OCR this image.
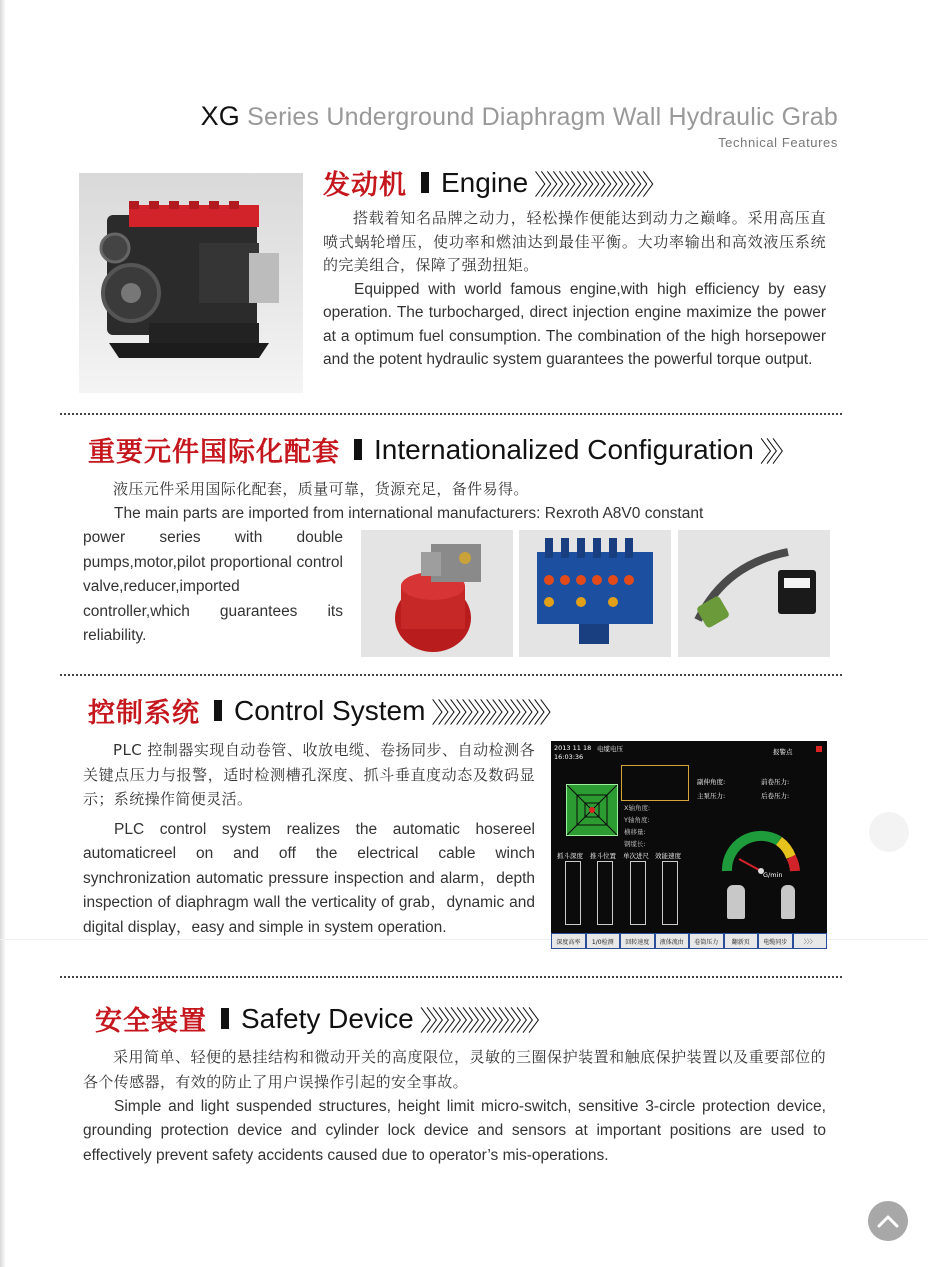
XG Series Underground Diaphragm Wall Hydraulic Grab
Technical Features
发动机 Engine 〉〉〉〉〉〉〉〉〉〉〉〉〉〉〉〉〉〉〉

搭载着知名品牌之动力，轻松操作便能达到动力之巅峰。采用高压直喷式蜗轮增压，使功率和燃油达到最佳平衡。大功率输出和高效液压系统的完美组合，保障了强劲扭矩。

Equipped with world famous engine,with high efficiency by easy operation. The turbocharged, direct injection engine maximize the power at a optimum fuel consumption. The combination of the high horsepower and the potent hydraulic system guarantees the powerful torque output.

重要元件国际化配套 Internationalized Configuration 〉〉〉

液压元件采用国际化配套，质量可靠，货源充足，备件易得。

The main parts are imported from international manufacturers: Rexroth A8V0 constant

power series with double pumps,motor,pilot proportional control valve,reducer,imported controller,which guarantees its reliability.

控制系统 Control System 〉〉〉〉〉〉〉〉〉〉〉〉〉〉〉〉〉〉〉

PLC 控制器实现自动卷管、收放电缆、卷扬同步、自动检测各关键点压力与报警，适时检测槽孔深度、抓斗垂直度动态及数码显示；系统操作简便灵活。

PLC control system realizes the automatic hosereel automaticreel on and off the electrical cable winch synchronization automatic pressure inspection and alarm，depth inspection of diaphragm wall the verticality of grab，dynamic and digital display，easy and simple in system operation.

2013 11 18
16:03:36
电缆电压	报警点
X轴角度:
Y轴角度:
横移量:
钢缆长:
副伸角度:	前卷压力:
主泵压力:	后卷压力:
抓斗深度 推斗位置 单次进尺 效能速度
G/min
深度高率	1/0检测	回转速度	液体流由	卷筒压力	翻新页	电缆同步	〉〉〉
安全装置 Safety Device 〉〉〉〉〉〉〉〉〉〉〉〉〉〉〉〉〉〉〉

采用简单、轻便的悬挂结构和微动开关的高度限位，灵敏的三圈保护装置和触底保护装置以及重要部位的各个传感器，有效的防止了用户误操作引起的安全事故。

Simple and light suspended structures, height limit micro-switch, sensitive 3-circle protection device, grounding protection device and cylinder lock device and sensors at important positions are used to effectively prevent safety accidents caused due to operator’s mis-operations.
